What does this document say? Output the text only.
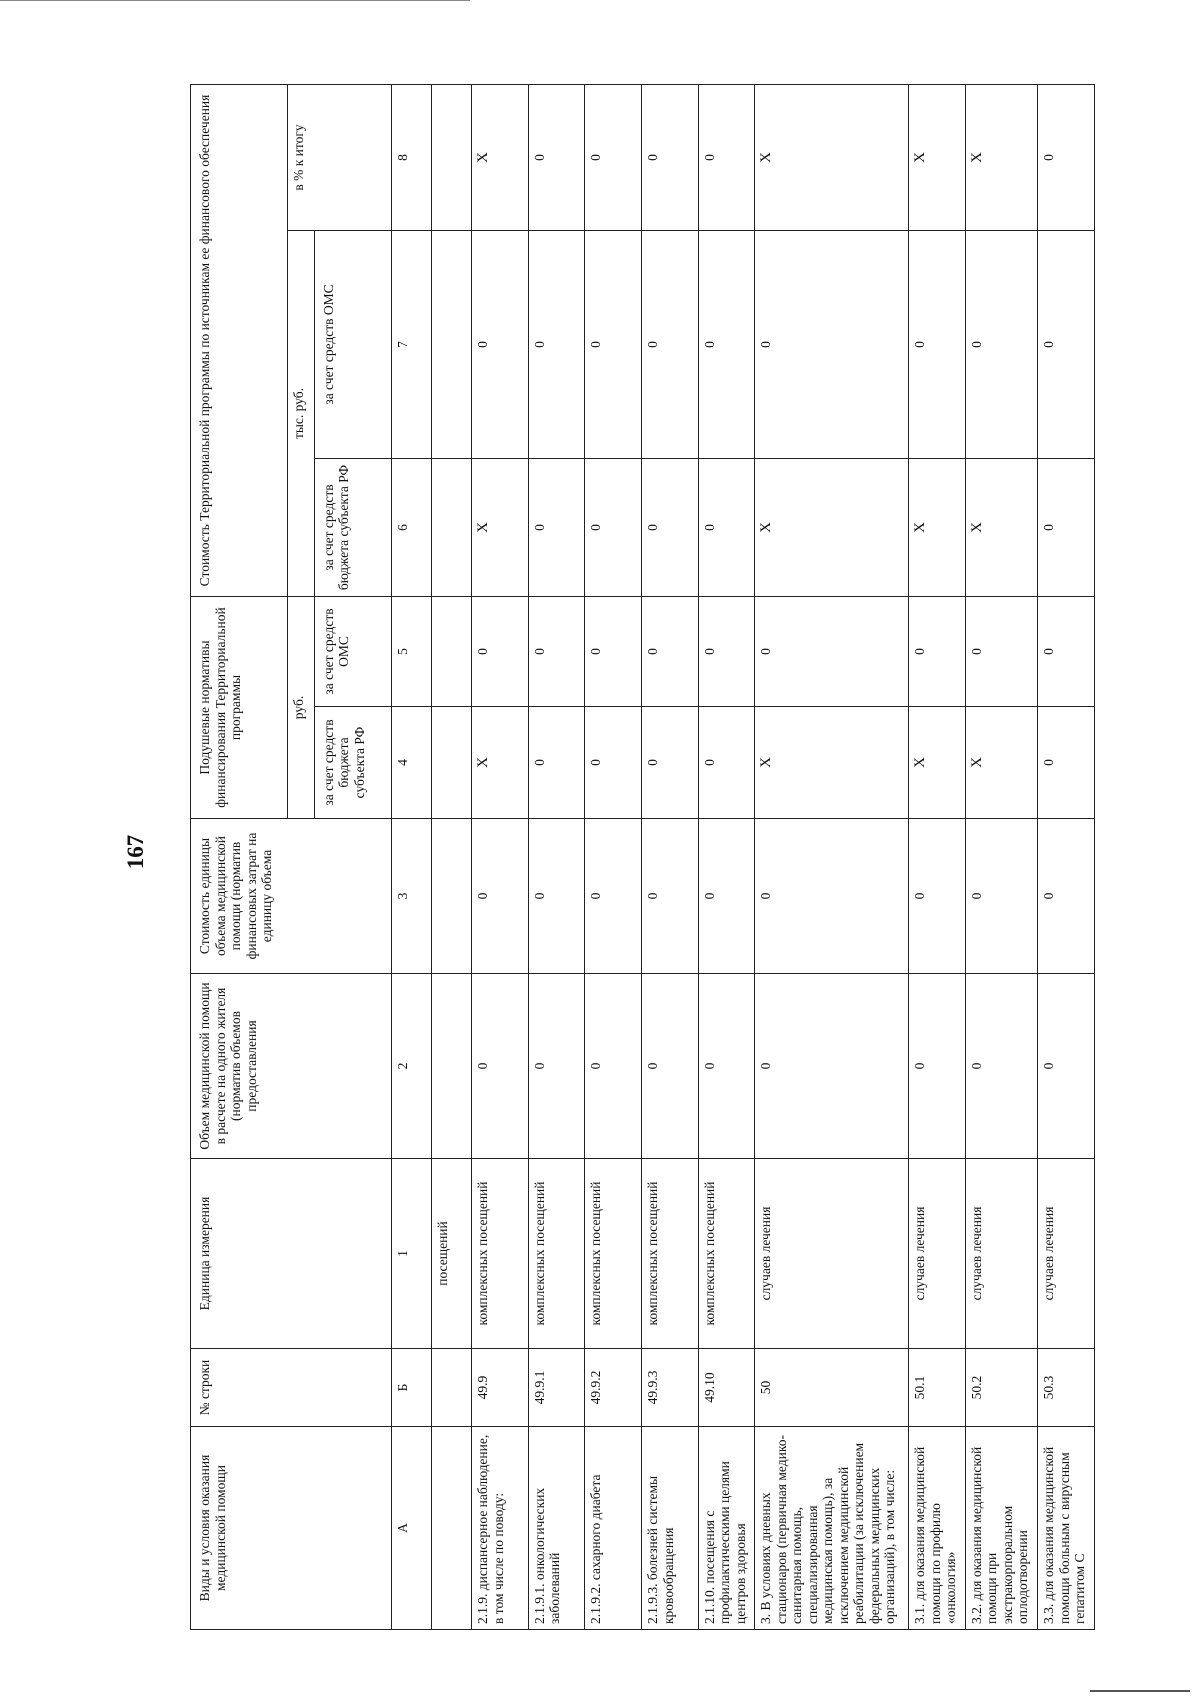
167
Виды и условия оказания медицинской помощи	№ строки	Единица измерения	Объем медицинской помощи в расчете на одного жителя (норматив объемов предоставления	Стоимость единицы объема медицинской помощи (норматив финансовых затрат на единицу объема	Подушевые нормативы финансирования Территориальной программы		Стоимость Территориальной программы по источникам ее финансового обеспечения		
					руб.		тыс. руб.		в % к итогу
					за счет средств бюджета субъекта РФ	за счет средств ОМС	за счет средств бюджета субъекта РФ	за счет средств ОМС	
А	Б	1	2	3	4	5	6	7	8
		посещений							
2.1.9. диспансерное наблюдение, в том числе по поводу:	49.9	комплексных посещений	0	0	Х	0	Х	0	Х
2.1.9.1. онкологических заболеваний	49.9.1	комплексных посещений	0	0	0	0	0	0	0
2.1.9.2. сахарного диабета	49.9.2	комплексных посещений	0	0	0	0	0	0	0
2.1.9.3. болезней системы кровообращения	49.9.3	комплексных посещений	0	0	0	0	0	0	0
2.1.10. посещения с профилактическими целями центров здоровья	49.10	комплексных посещений	0	0	0	0	0	0	0
3. В условиях дневных стационаров (первичная медико-санитарная помощь, специализированная медицинская помощь), за исключением медицинской реабилитации (за исключением федеральных медицинских организаций), в том числе:	50	случаев лечения	0	0	Х	0	Х	0	Х
3.1. для оказания медицинской помощи по профилю «онкология»	50.1	случаев лечения	0	0	Х	0	Х	0	Х
3.2. для оказания медицинской помощи при экстракорпоральном оплодотворении	50.2	случаев лечения	0	0	Х	0	Х	0	Х
3.3. для оказания медицинской помощи больным с вирусным гепатитом С	50.3	случаев лечения	0	0	0	0	0	0	0
